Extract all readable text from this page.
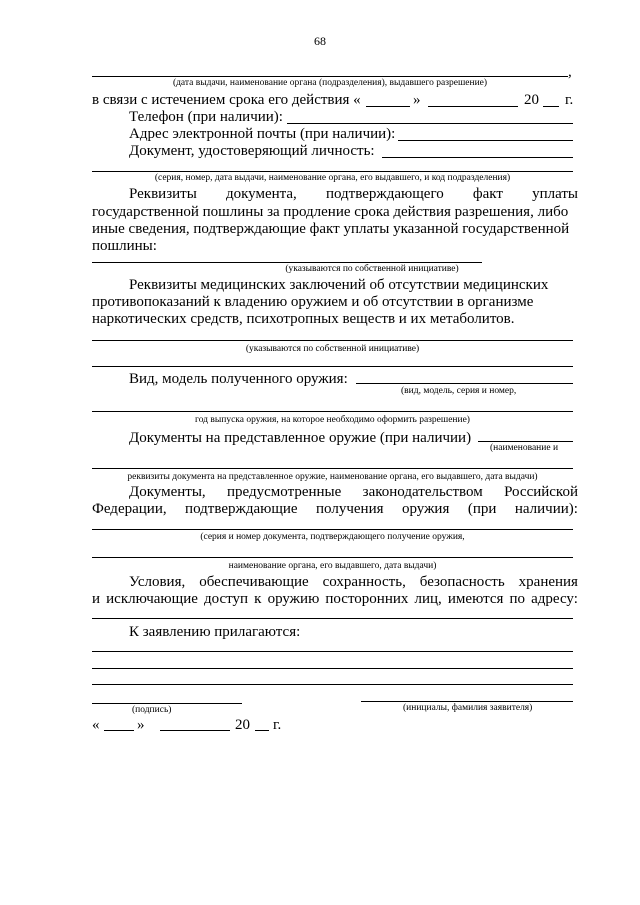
68
,
(дата выдачи, наименование органа (подразделения), выдавшего разрешение)
в связи с истечением срока его действия «	»	20 г.
Телефон (при наличии):
Адрес электронной почты (при наличии):
Документ, удостоверяющий личность:
(серия, номер, дата выдачи, наименование органа, его выдавшего, и код подразделения)
Реквизиты документа, подтверждающего факт уплаты
государственной пошлины за продление срока действия разрешения, либо
иные сведения, подтверждающие факт уплаты указанной государственной
пошлины:
(указываются по собственной инициативе)
Реквизиты медицинских заключений об отсутствии медицинских
противопоказаний к владению оружием и об отсутствии в организме
наркотических средств, психотропных веществ и их метаболитов.
(указываются по собственной инициативе)
Вид, модель полученного оружия:
(вид, модель, серия и номер,
год выпуска оружия, на которое необходимо оформить разрешение)
Документы на представленное оружие (при наличии)
(наименование и
реквизиты документа на представленное оружие, наименование органа, его выдавшего, дата выдачи)
Документы, предусмотренные законодательством Российской
Федерации, подтверждающие получения оружия (при наличии):
(серия и номер документа, подтверждающего получение оружия,
наименование органа, его выдавшего, дата выдачи)
Условия, обеспечивающие сохранность, безопасность хранения
и исключающие доступ к оружию посторонних лиц, имеются по адресу:
К заявлению прилагаются:
(подпись)	(инициалы, фамилия заявителя)
«	»	20 г.
